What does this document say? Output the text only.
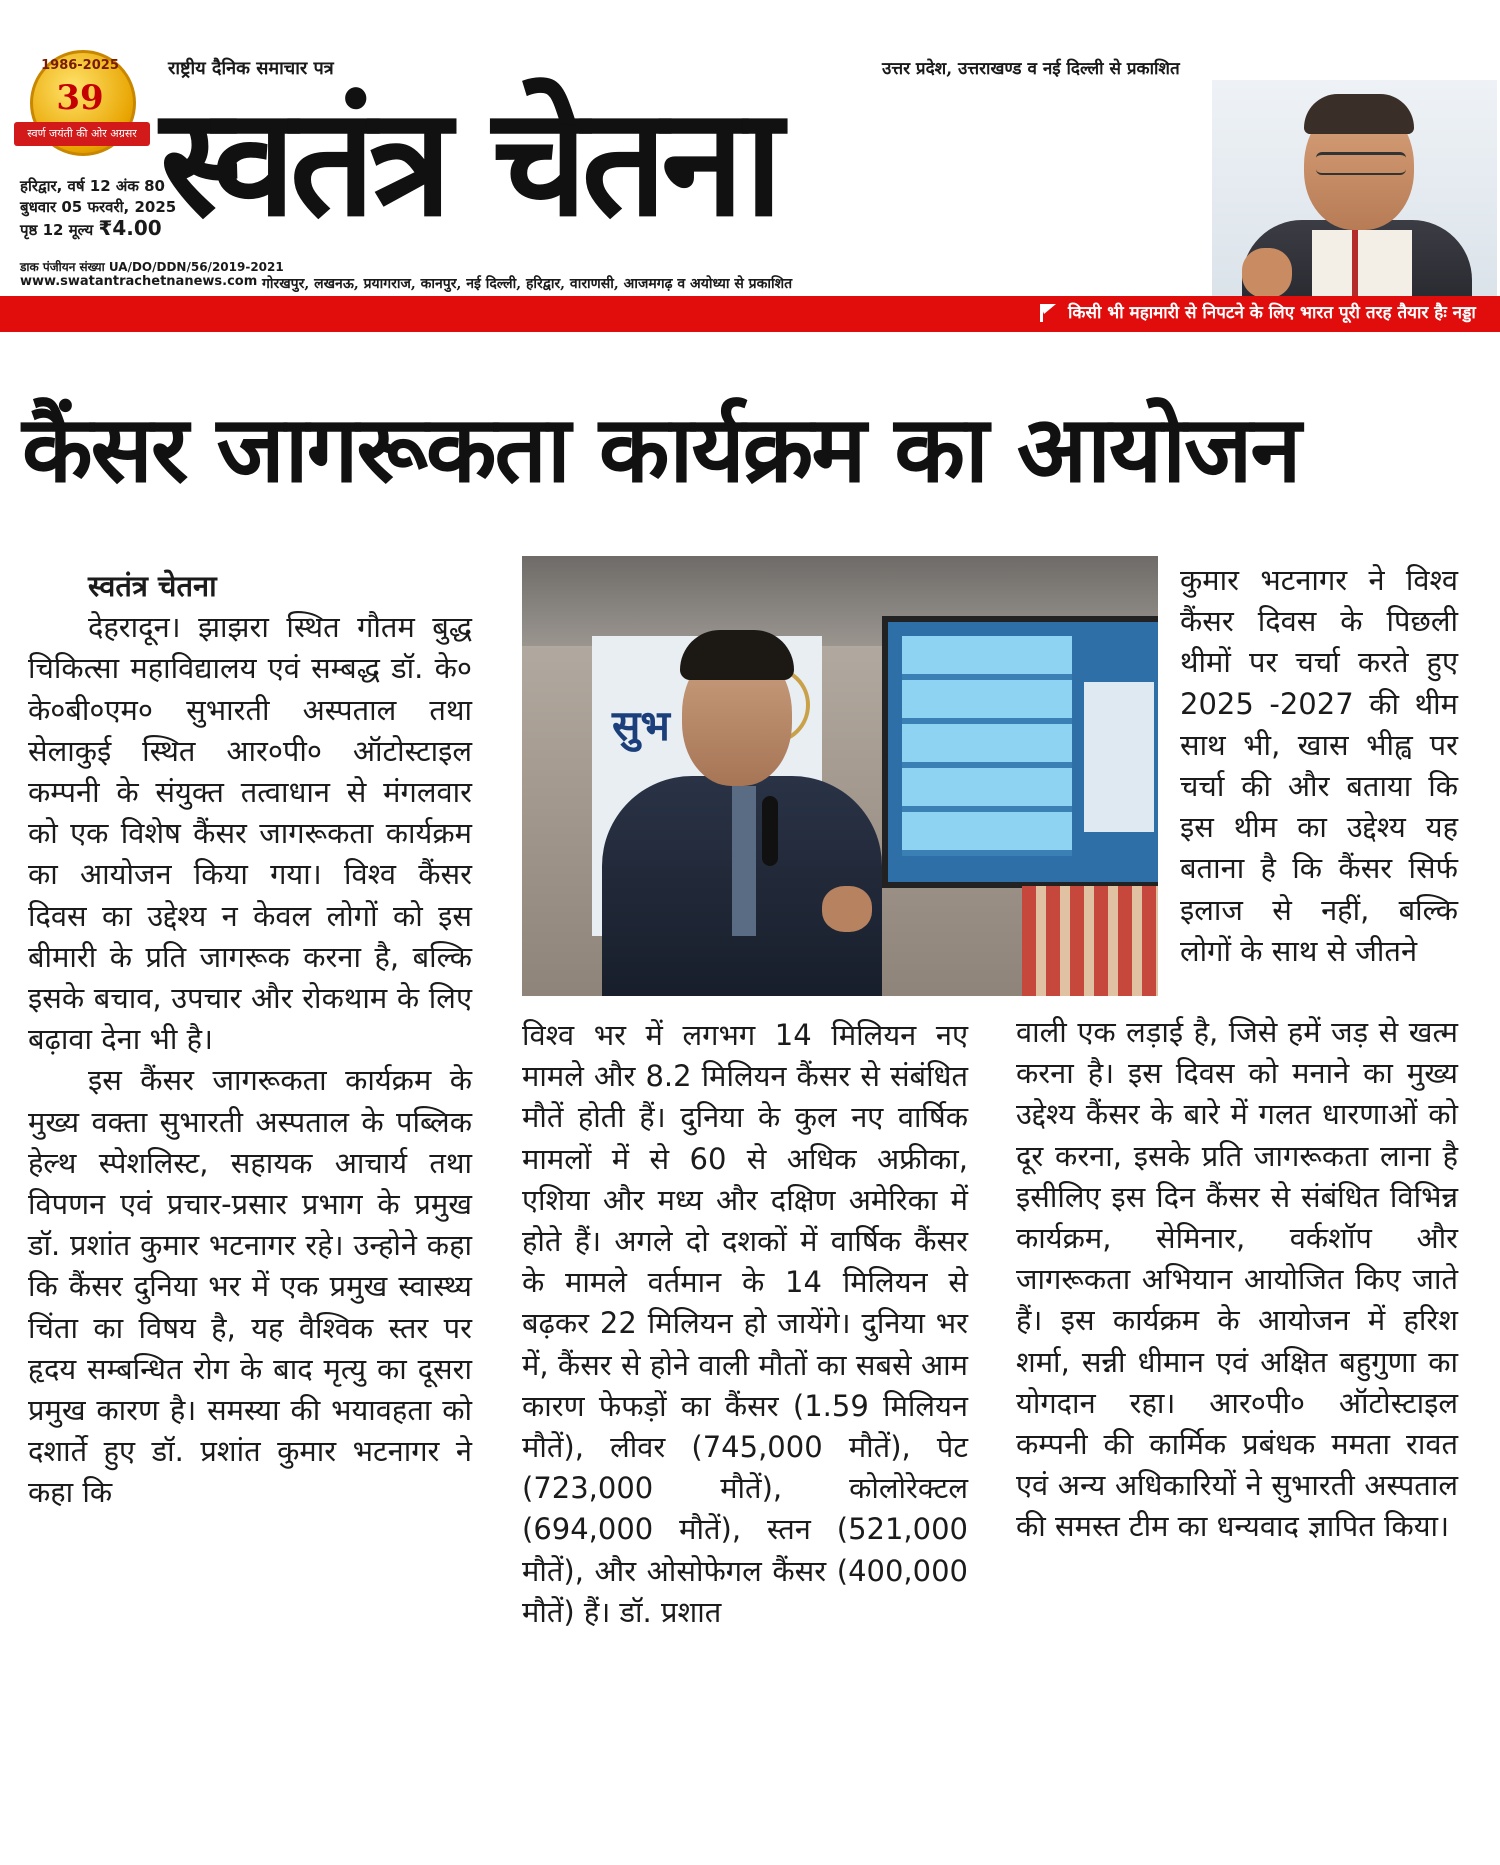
1986-2025
39
स्वर्ण जयंती की ओर अग्रसर
राष्ट्रीय दैनिक समाचार पत्र	उत्तर प्रदेश, उत्तराखण्ड व नई दिल्ली से प्रकाशित
स्वतंत्र चेतना
हरिद्वार, वर्ष 12 अंक 80
बुधवार 05 फरवरी, 2025
पृष्ठ 12 मूल्य ₹4.00
डाक पंजीयन संख्या UA/DO/DDN/56/2019-2021
www.swatantrachetnanews.com गोरखपुर, लखनऊ, प्रयागराज, कानपुर, नई दिल्ली, हरिद्वार, वाराणसी, आजमगढ़ व अयोध्या से प्रकाशित
किसी भी महामारी से निपटने के लिए भारत पूरी तरह तैयार हैः नड्डा
कैंसर जागरूकता कार्यक्रम का आयोजन

स्वतंत्र चेतना

देहरादून। झाझरा स्थित गौतम बुद्ध चिकित्सा महाविद्यालय एवं सम्बद्ध डॉ. के० के०बी०एम० सुभारती अस्पताल तथा सेलाकुई स्थित आर०पी० ऑटोस्टाइल कम्पनी के संयुक्त तत्वाधान से मंगलवार को एक विशेष कैंसर जागरूकता कार्यक्रम का आयोजन किया गया। विश्व कैंसर दिवस का उद्देश्य न केवल लोगों को इस बीमारी के प्रति जागरूक करना है, बल्कि इसके बचाव, उपचार और रोकथाम के लिए बढ़ावा देना भी है।

इस कैंसर जागरूकता कार्यक्रम के मुख्य वक्ता सुभारती अस्पताल के पब्लिक हेल्थ स्पेशलिस्ट, सहायक आचार्य तथा विपणन एवं प्रचार-प्रसार प्रभाग के प्रमुख डॉ. प्रशांत कुमार भटनागर रहे। उन्होने कहा कि कैंसर दुनिया भर में एक प्रमुख स्वास्थ्य चिंता का विषय है, यह वैश्विक स्तर पर हृदय सम्बन्धित रोग के बाद मृत्यु का दूसरा प्रमुख कारण है। समस्या की भयावहता को दशार्ते हुए डॉ. प्रशांत कुमार भटनागर ने कहा कि

सुभ

विश्व भर में लगभग 14 मिलियन नए मामले और 8.2 मिलियन कैंसर से संबंधित मौतें होती हैं। दुनिया के कुल नए वार्षिक मामलों में से 60 से अधिक अफ्रीका, एशिया और मध्य और दक्षिण अमेरिका में होते हैं। अगले दो दशकों में वार्षिक कैंसर के मामले वर्तमान के 14 मिलियन से बढ़कर 22 मिलियन हो जायेंगे। दुनिया भर में, कैंसर से होने वाली मौतों का सबसे आम कारण फेफड़ों का कैंसर (1.59 मिलियन मौतें), लीवर (745,000 मौतें), पेट (723,000 मौतें), कोलोरेक्टल (694,000 मौतें), स्तन (521,000 मौतें), और ओसोफेगल कैंसर (400,000 मौतें) हैं। डॉ. प्रशात

कुमार भटनागर ने विश्व कैंसर दिवस के पिछली थीमों पर चर्चा करते हुए 2025 -2027 की थीम साथ भी, खास भीह्व पर चर्चा की और बताया कि इस थीम का उद्देश्य यह बताना है कि कैंसर सिर्फ इलाज से नहीं, बल्कि लोगों के साथ से जीतने

वाली एक लड़ाई है, जिसे हमें जड़ से खत्म करना है। इस दिवस को मनाने का मुख्य उद्देश्य कैंसर के बारे में गलत धारणाओं को दूर करना, इसके प्रति जागरूकता लाना है इसीलिए इस दिन कैंसर से संबंधित विभिन्न कार्यक्रम, सेमिनार, वर्कशॉप और जागरूकता अभियान आयोजित किए जाते हैं। इस कार्यक्रम के आयोजन में हरिश शर्मा, सन्नी धीमान एवं अक्षित बहुगुणा का योगदान रहा। आर०पी० ऑटोस्टाइल कम्पनी की कार्मिक प्रबंधक ममता रावत एवं अन्य अधिकारियों ने सुभारती अस्पताल की समस्त टीम का धन्यवाद ज्ञापित किया।
